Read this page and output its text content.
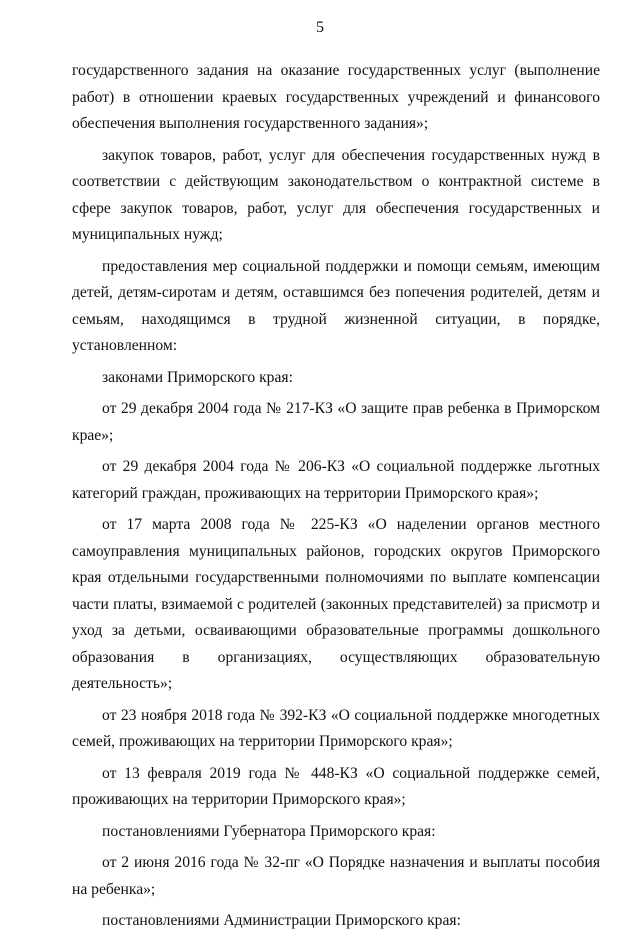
5

государственного задания на оказание государственных услуг (выполнение работ) в отношении краевых государственных учреждений и финансового обеспечения выполнения государственного задания»;

закупок товаров, работ, услуг для обеспечения государственных нужд в соответствии с действующим законодательством о контрактной системе в сфере закупок товаров, работ, услуг для обеспечения государственных и муниципальных нужд;

предоставления мер социальной поддержки и помощи семьям, имеющим детей, детям-сиротам и детям, оставшимся без попечения родителей, детям и семьям, находящимся в трудной жизненной ситуации, в порядке, установленном:

законами Приморского края:

от 29 декабря 2004 года № 217-КЗ «О защите прав ребенка в Приморском крае»;

от 29 декабря 2004 года № 206-КЗ «О социальной поддержке льготных категорий граждан, проживающих на территории Приморского края»;

от 17 марта 2008 года № 225-КЗ «О наделении органов местного самоуправления муниципальных районов, городских округов Приморского края отдельными государственными полномочиями по выплате компенсации части платы, взимаемой с родителей (законных представителей) за присмотр и уход за детьми, осваивающими образовательные программы дошкольного образования в организациях, осуществляющих образовательную деятельность»;

от 23 ноября 2018 года № 392-КЗ «О социальной поддержке многодетных семей, проживающих на территории Приморского края»;

от 13 февраля 2019 года № 448-КЗ «О социальной поддержке семей, проживающих на территории Приморского края»;

постановлениями Губернатора Приморского края:

от 2 июня 2016 года № 32-пг «О Порядке назначения и выплаты пособия на ребенка»;

постановлениями Администрации Приморского края:
